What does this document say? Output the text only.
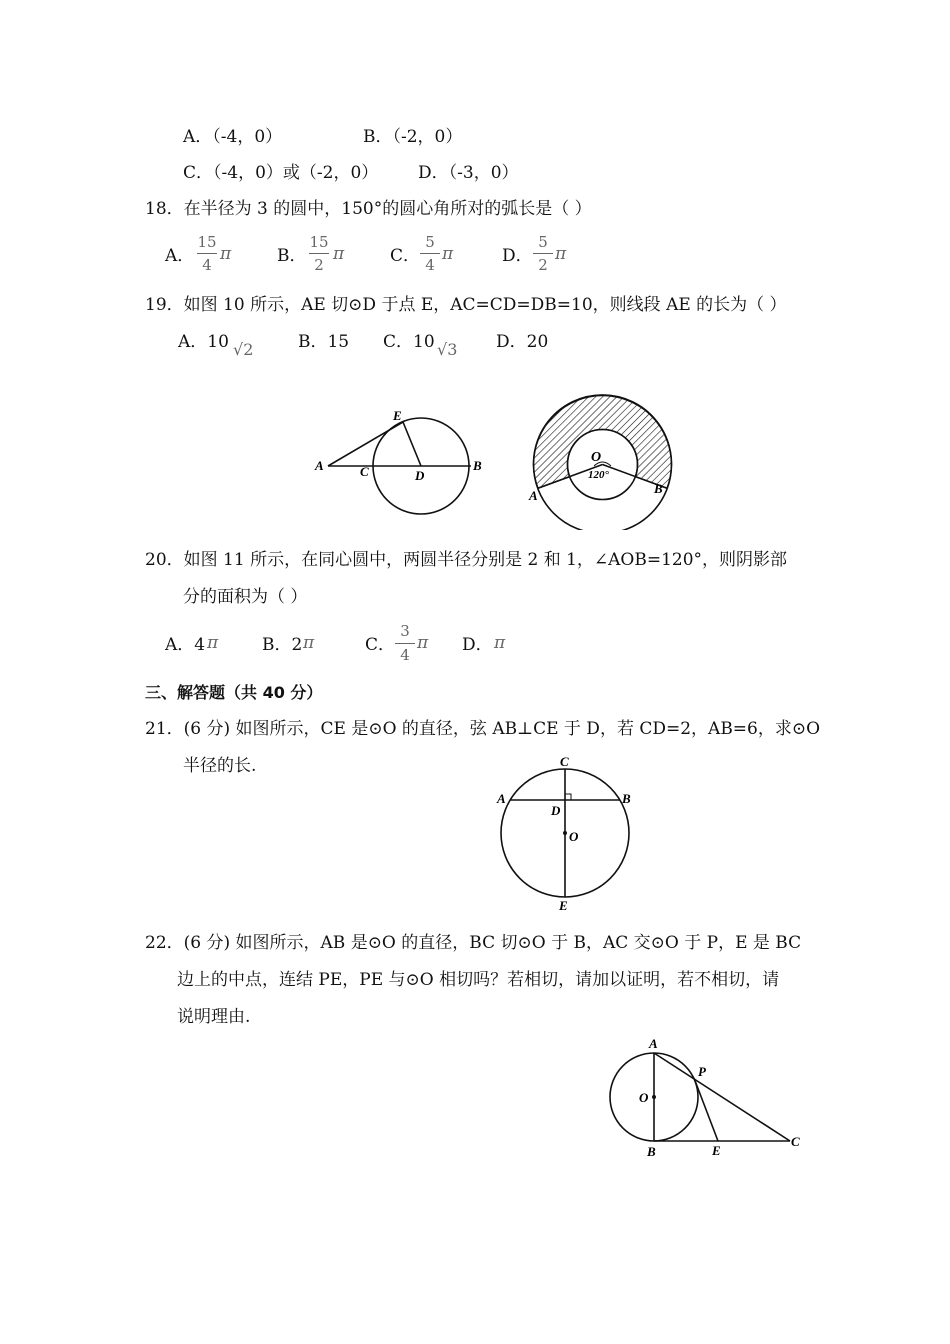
A．（-4，0）	B．（-2，0）
C．（-4，0）或（-2，0） D．（-3，0）
18．在半径为 3 的圆中，150°的圆心角所对的弧长是（ ）
A．
15
4
π	B．
15
2
π	C．
5
4
π	D．
5
2
π
19．如图 10 所示，AE 切⊙D 于点 E，AC=CD=DB=10，则线段 AE 的长为（ ）
A．10 √2	B．15 C．10 √3 D．20
A	C	D
B
E
O
120°
A	B
20．如图 11 所示，在同心圆中，两圆半径分别是 2 和 1，∠AOB=120°，则阴影部
分的面积为（ ）
A．4 π	B．2 π	C．
3
4
π D． π
三、解答题（共 40 分）
21．(6 分) 如图所示，CE 是⊙O 的直径，弦 AB⊥CE 于 D，若 CD=2，AB=6，求⊙O
半径的长.	C
A	B
D
O
E
22．(6 分) 如图所示，AB 是⊙O 的直径，BC 切⊙O 于 B，AC 交⊙O 于 P，E 是 BC
边上的中点，连结 PE，PE 与⊙O 相切吗？若相切，请加以证明，若不相切，请
说明理由.
A
P
O
B	E
C
